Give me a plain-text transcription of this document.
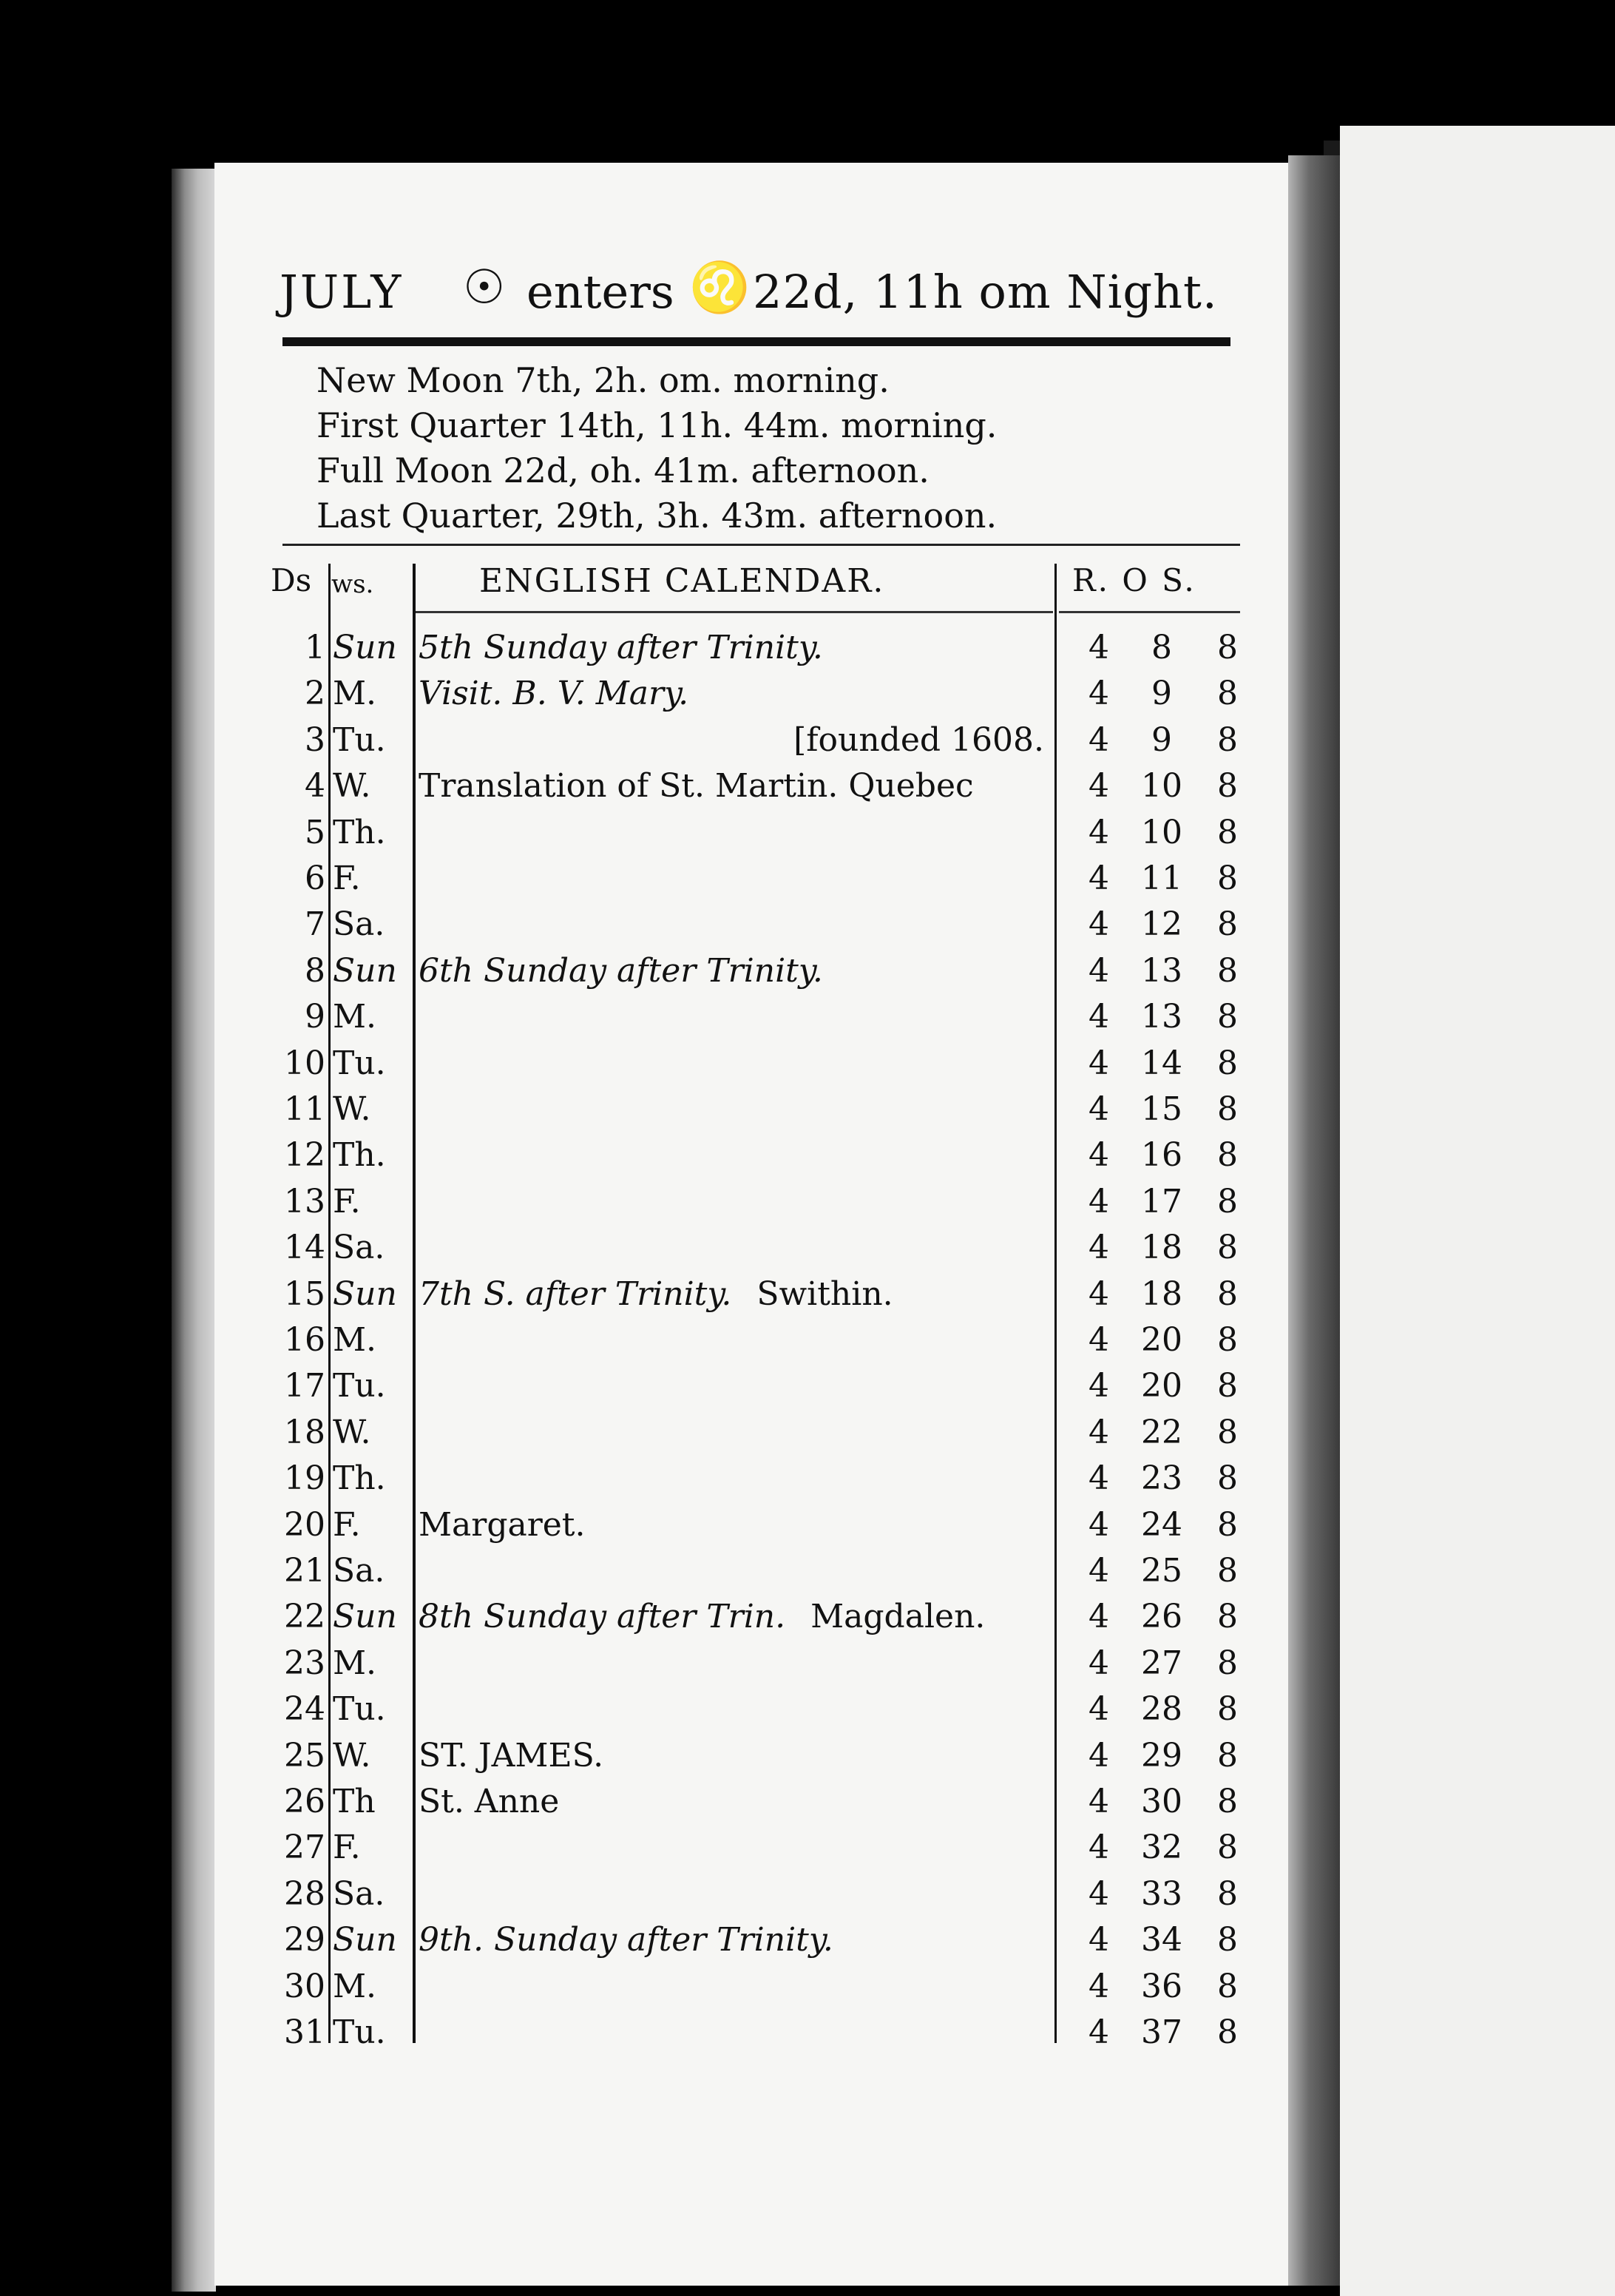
JULY ☉ enters ♌ 22d, 11h om Night.
New Moon 7th, 2h. om. morning.
First Quarter 14th, 11h. 44m. morning.
Full Moon 22d, oh. 41m. afternoon.
Last Quarter, 29th, 3h. 43m. afternoon.
Ds ws.	ENGLISH CALENDAR.	R. O S.
1 Sun 5th Sunday after Trinity.	4	8	8
2 M. Visit. B. V. Mary.	4	9	8
3 Tu.	[founded 1608. 4	9	8
4 W. Translation of St. Martin. Quebec	4 10 8
5 Th.	4 10 8
6 F.	4 11 8
7 Sa.	4 12 8
8 Sun 6th Sunday after Trinity.	4 13 8
9 M.	4 13 8
10 Tu.	4 14 8
11 W.	4 15 8
12 Th.	4 16 8
13 F.	4 17 8
14 Sa.	4 18 8
15 Sun 7th S. after Trinity. Swithin.	4 18 8
16 M.	4 20 8
17 Tu.	4 20 8
18 W.	4 22 8
19 Th.	4 23 8
20 F. Margaret.	4 24 8
21 Sa.	4 25 8
22 Sun 8th Sunday after Trin. Magdalen.	4 26 8
23 M.	4 27 8
24 Tu.	4 28 8
25 W. ST. JAMES.	4 29 8
26 Th St. Anne	4 30 8
27 F.	4 32 8
28 Sa.	4 33 8
29 Sun 9th. Sunday after Trinity.	4 34 8
30 M.	4 36 8
31 Tu.	4 37 8
